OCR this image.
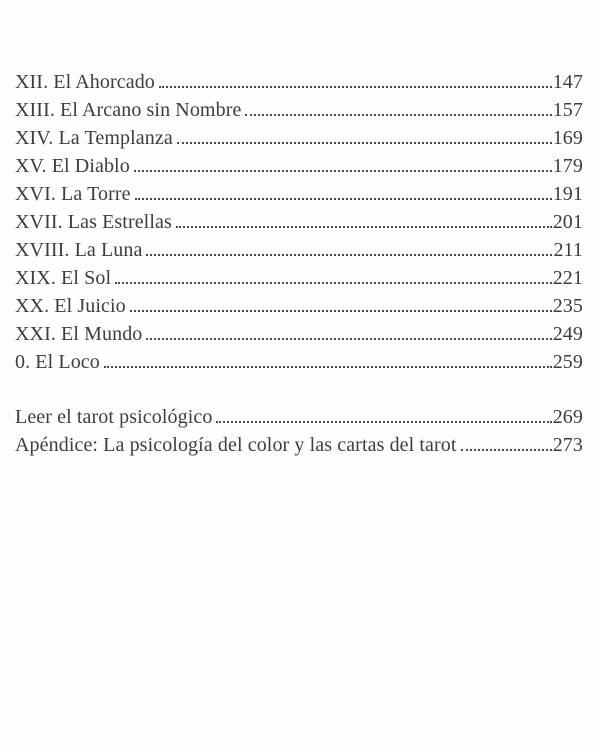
XII. El Ahorcado	147
XIII. El Arcano sin Nombre	157
XIV. La Templanza	169
XV. El Diablo	179
XVI. La Torre	191
XVII. Las Estrellas	201
XVIII. La Luna	211
XIX. El Sol	221
XX. El Juicio	235
XXI. El Mundo	249
0. El Loco	259
Leer el tarot psicológico	269
Apéndice: La psicología del color y las cartas del tarot	273
